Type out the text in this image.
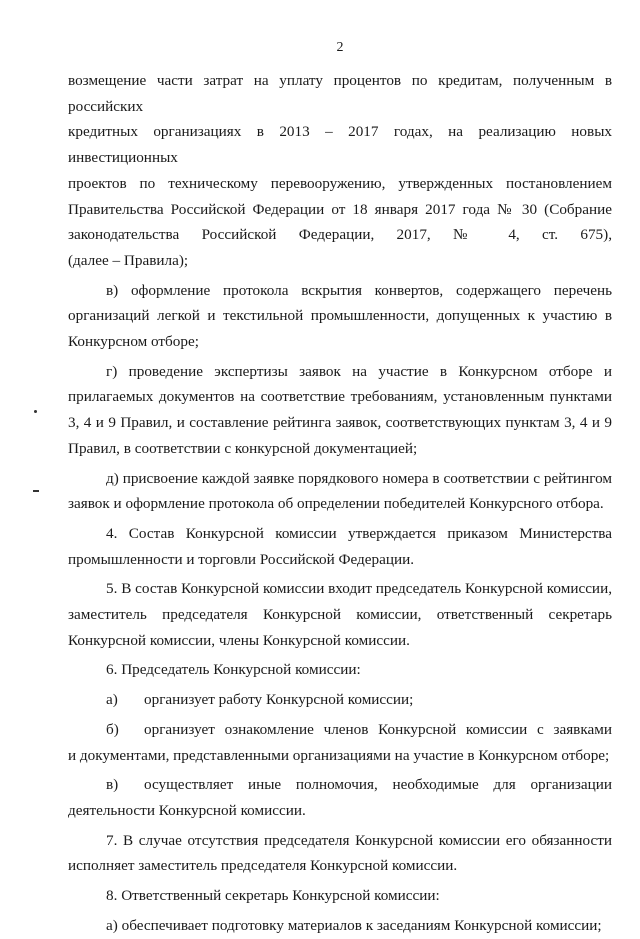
2
возмещение части затрат на уплату процентов по кредитам, полученным в российских
кредитных организациях в 2013 – 2017 годах, на реализацию новых инвестиционных
проектов по техническому перевооружению, утвержденных постановлением
Правительства Российской Федерации от 18 января 2017 года № 30 (Собрание
законодательства Российской Федерации, 2017, № 4, ст. 675),
(далее – Правила);

в) оформление протокола вскрытия конвертов, содержащего перечень организаций легкой и текстильной промышленности, допущенных к участию в Конкурсном отборе;

г) проведение экспертизы заявок на участие в Конкурсном отборе и прилагаемых документов на соответствие требованиям, установленным пунктами 3, 4 и 9 Правил, и составление рейтинга заявок, соответствующих пунктам 3, 4 и 9 Правил, в соответствии с конкурсной документацией;

д) присвоение каждой заявке порядкового номера в соответствии с рейтингом заявок и оформление протокола об определении победителей Конкурсного отбора.

4. Состав Конкурсной комиссии утверждается приказом Министерства промышленности и торговли Российской Федерации.

5. В состав Конкурсной комиссии входит председатель Конкурсной комиссии, заместитель председателя Конкурсной комиссии, ответственный секретарь Конкурсной комиссии, члены Конкурсной комиссии.

6. Председатель Конкурсной комиссии:

а)	организует работу Конкурсной комиссии;
б)	организует ознакомление членов Конкурсной комиссии с заявками
и документами, представленными организациями на участие в Конкурсном отборе;
в)	осуществляет иные полномочия, необходимые для организации
деятельности Конкурсной комиссии.

7. В случае отсутствия председателя Конкурсной комиссии его обязанности исполняет заместитель председателя Конкурсной комиссии.

8. Ответственный секретарь Конкурсной комиссии:

а) обеспечивает подготовку материалов к заседаниям Конкурсной комиссии;
